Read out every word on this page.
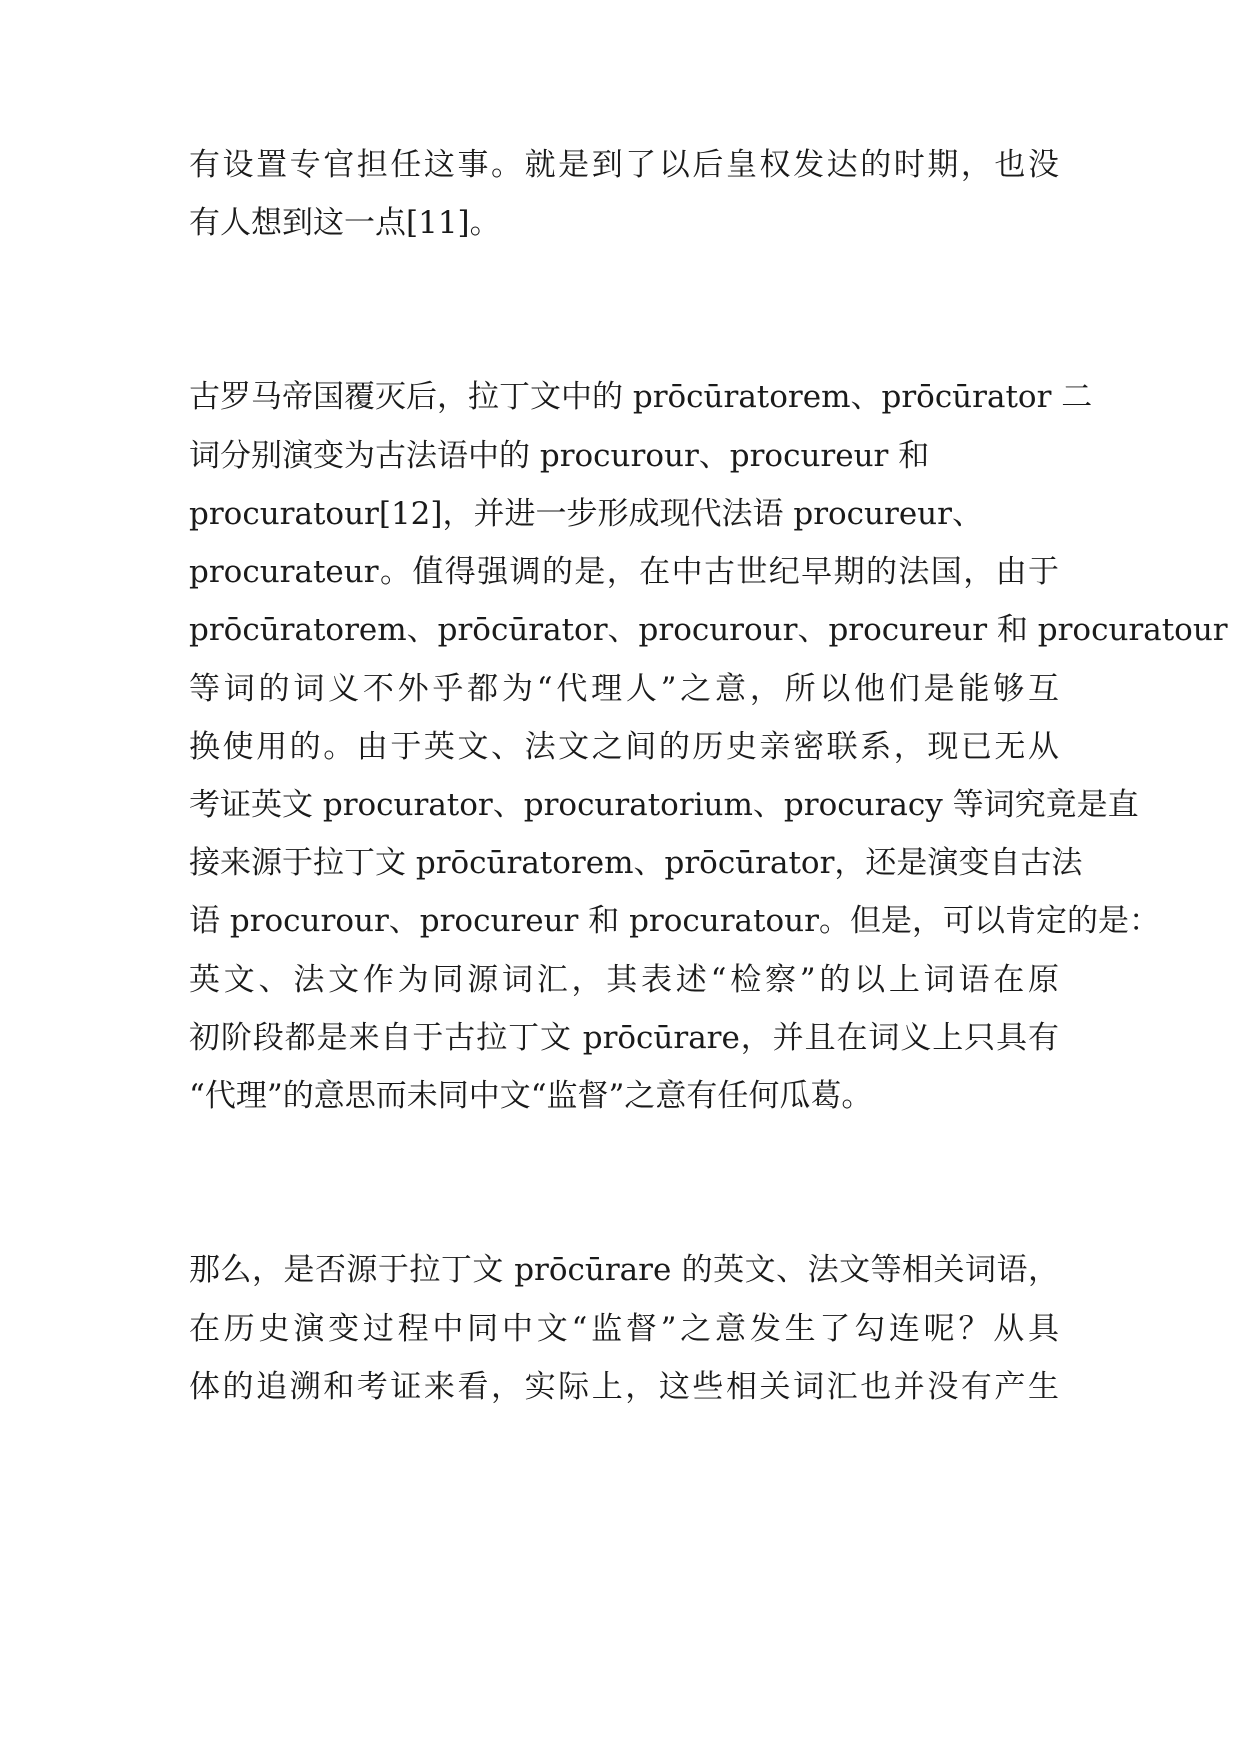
有设置专官担任这事。就是到了以后皇权发达的时期，也没

有人想到这一点[11]。

古罗马帝国覆灭后，拉丁文中的 prōcūratorem、prōcūrator 二

词分别演变为古法语中的 procurour、procureur 和

procuratour[12]，并进一步形成现代法语 procureur、

procurateur。值得强调的是，在中古世纪早期的法国，由于

prōcūratorem、prōcūrator、procurour、procureur 和 procuratour

等词的词义不外乎都为“代理人”之意，所以他们是能够互

换使用的。由于英文、法文之间的历史亲密联系，现已无从

考证英文 procurator、procuratorium、procuracy 等词究竟是直

接来源于拉丁文 prōcūratorem、prōcūrator，还是演变自古法

语 procurour、procureur 和 procuratour。但是，可以肯定的是：

英文、法文作为同源词汇，其表述“检察”的以上词语在原

初阶段都是来自于古拉丁文 prōcūrare，并且在词义上只具有

“代理”的意思而未同中文“监督”之意有任何瓜葛。

那么，是否源于拉丁文 prōcūrare 的英文、法文等相关词语，

在历史演变过程中同中文“监督”之意发生了勾连呢？从具

体的追溯和考证来看，实际上，这些相关词汇也并没有产生
